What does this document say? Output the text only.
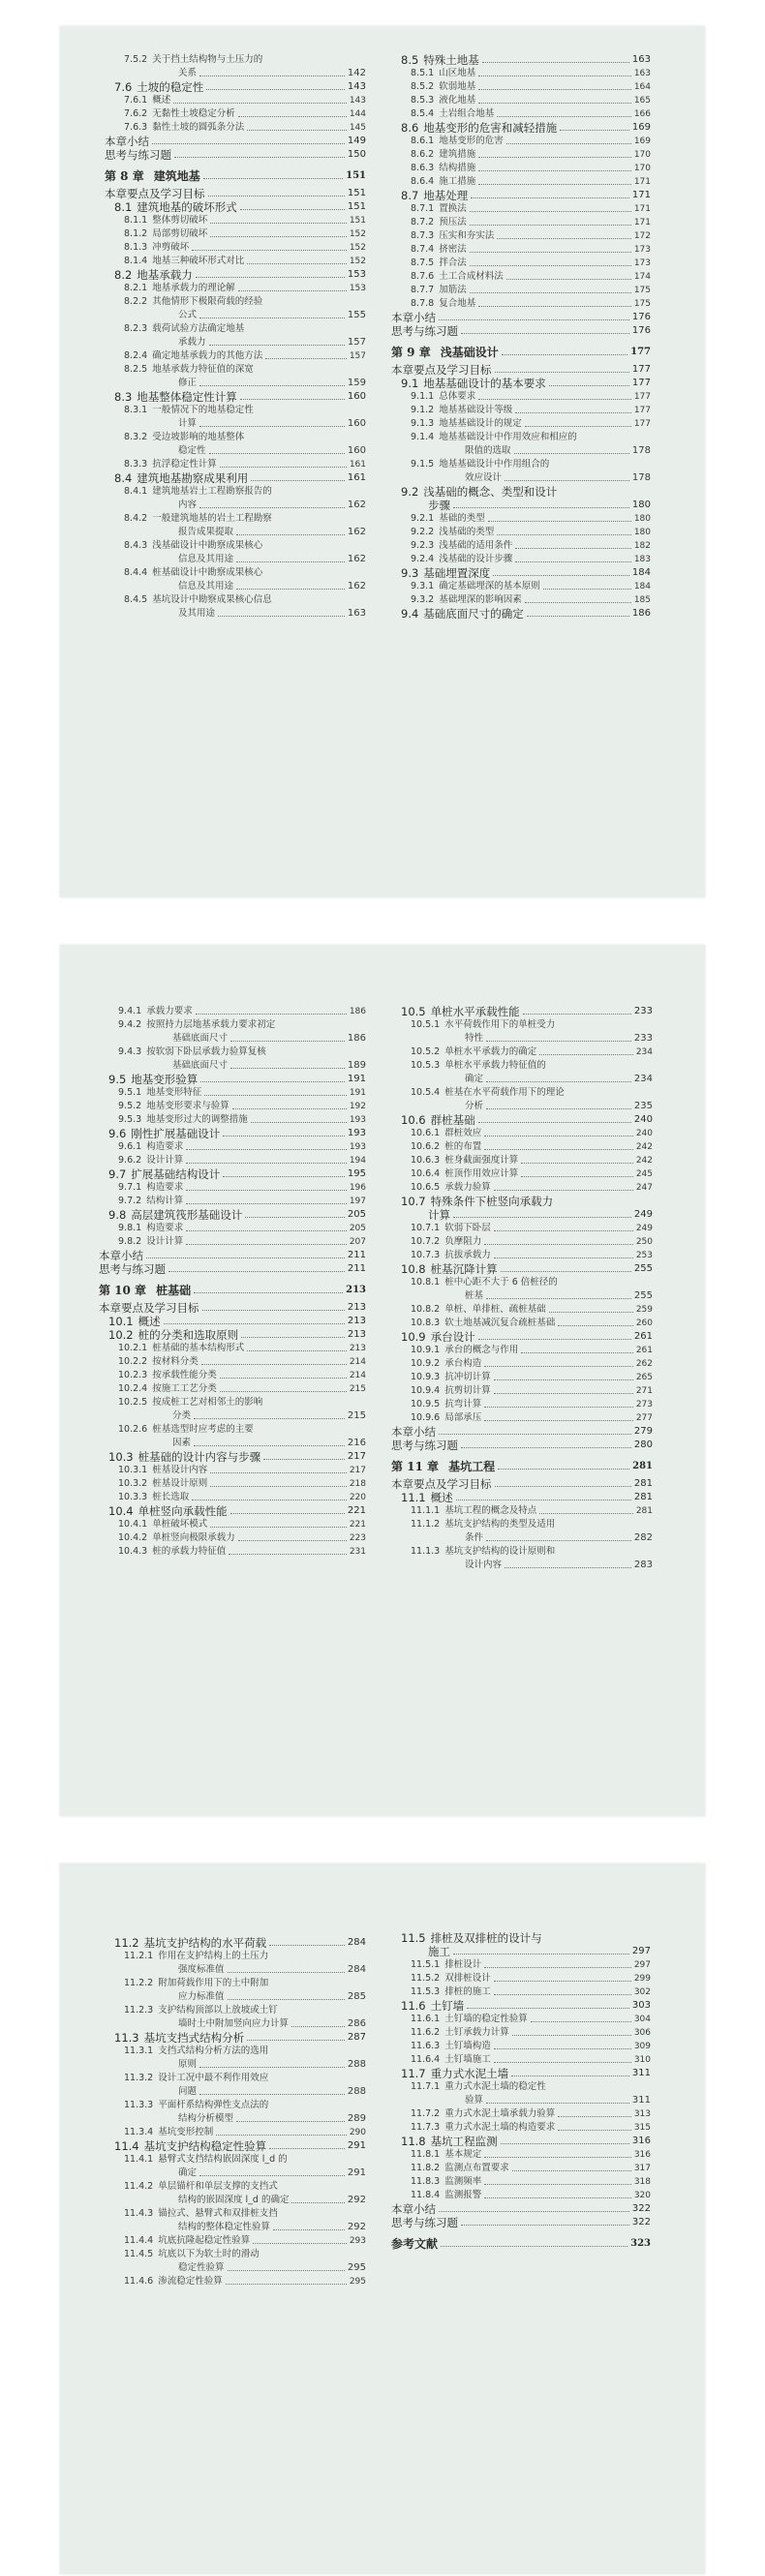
7.5.2 关于挡土结构物与土压力的
关系	142
7.6 土坡的稳定性	143
7.6.1 概述	143
7.6.2 无黏性土坡稳定分析	144
7.6.3 黏性土坡的圆弧条分法	145
本章小结	149
思考与练习题	150
第 8 章 建筑地基	151
本章要点及学习目标	151
8.1 建筑地基的破坏形式	151
8.1.1 整体剪切破坏	151
8.1.2 局部剪切破坏	152
8.1.3 冲剪破坏	152
8.1.4 地基三种破坏形式对比	152
8.2 地基承载力	153
8.2.1 地基承载力的理论解	153
8.2.2 其他情形下极限荷载的经验
公式	155
8.2.3 载荷试验方法确定地基
承载力	157
8.2.4 确定地基承载力的其他方法	157
8.2.5 地基承载力特征值的深宽
修正	159
8.3 地基整体稳定性计算	160
8.3.1 一般情况下的地基稳定性
计算	160
8.3.2 受边坡影响的地基整体
稳定性	160
8.3.3 抗浮稳定性计算	161
8.4 建筑地基勘察成果利用	161
8.4.1 建筑地基岩土工程勘察报告的
内容	162
8.4.2 一般建筑地基的岩土工程勘察
报告成果提取	162
8.4.3 浅基础设计中勘察成果核心
信息及其用途	162
8.4.4 桩基础设计中勘察成果核心
信息及其用途	162
8.4.5 基坑设计中勘察成果核心信息
及其用途	163
8.5 特殊土地基	163
8.5.1 山区地基	163
8.5.2 软弱地基	164
8.5.3 液化地基	165
8.5.4 土岩组合地基	166
8.6 地基变形的危害和减轻措施	169
8.6.1 地基变形的危害	169
8.6.2 建筑措施	170
8.6.3 结构措施	170
8.6.4 施工措施	171
8.7 地基处理	171
8.7.1 置换法	171
8.7.2 预压法	171
8.7.3 压实和夯实法	172
8.7.4 挤密法	173
8.7.5 拌合法	173
8.7.6 土工合成材料法	174
8.7.7 加筋法	175
8.7.8 复合地基	175
本章小结	176
思考与练习题	176
第 9 章 浅基础设计	177
本章要点及学习目标	177
9.1 地基基础设计的基本要求	177
9.1.1 总体要求	177
9.1.2 地基基础设计等级	177
9.1.3 地基基础设计的规定	177
9.1.4 地基基础设计中作用效应和相应的
限值的选取	178
9.1.5 地基基础设计中作用组合的
效应设计	178
9.2 浅基础的概念、类型和设计
步骤	180
9.2.1 基础的类型	180
9.2.2 浅基础的类型	180
9.2.3 浅基础的适用条件	182
9.2.4 浅基础的设计步骤	183
9.3 基础埋置深度	184
9.3.1 确定基础埋深的基本原则	184
9.3.2 基础埋深的影响因素	185
9.4 基础底面尺寸的确定	186
9.4.1 承载力要求	186
9.4.2 按照持力层地基承载力要求初定
基础底面尺寸	186
9.4.3 按软弱下卧层承载力验算复核
基础底面尺寸	189
9.5 地基变形验算	191
9.5.1 地基变形特征	191
9.5.2 地基变形要求与验算	192
9.5.3 地基变形过大的调整措施	193
9.6 刚性扩展基础设计	193
9.6.1 构造要求	193
9.6.2 设计计算	194
9.7 扩展基础结构设计	195
9.7.1 构造要求	196
9.7.2 结构计算	197
9.8 高层建筑筏形基础设计	205
9.8.1 构造要求	205
9.8.2 设计计算	207
本章小结	211
思考与练习题	211
第 10 章 桩基础	213
本章要点及学习目标	213
10.1 概述	213
10.2 桩的分类和选取原则	213
10.2.1 桩基础的基本结构形式	213
10.2.2 按材料分类	214
10.2.3 按承载性能分类	214
10.2.4 按施工工艺分类	215
10.2.5 按成桩工艺对相邻土的影响
分类	215
10.2.6 桩基选型时应考虑的主要
因素	216
10.3 桩基础的设计内容与步骤	217
10.3.1 桩基设计内容	217
10.3.2 桩基设计原则	218
10.3.3 桩长选取	220
10.4 单桩竖向承载性能	221
10.4.1 单桩破坏模式	221
10.4.2 单桩竖向极限承载力	223
10.4.3 桩的承载力特征值	231
10.5 单桩水平承载性能	233
10.5.1 水平荷载作用下的单桩受力
特性	233
10.5.2 单桩水平承载力的确定	234
10.5.3 单桩水平承载力特征值的
确定	234
10.5.4 桩基在水平荷载作用下的理论
分析	235
10.6 群桩基础	240
10.6.1 群桩效应	240
10.6.2 桩的布置	242
10.6.3 桩身截面强度计算	242
10.6.4 桩顶作用效应计算	245
10.6.5 承载力验算	247
10.7 特殊条件下桩竖向承载力
计算	249
10.7.1 软弱下卧层	249
10.7.2 负摩阻力	250
10.7.3 抗拔承载力	253
10.8 桩基沉降计算	255
10.8.1 桩中心距不大于 6 倍桩径的
桩基	255
10.8.2 单桩、单排桩、疏桩基础	259
10.8.3 软土地基减沉复合疏桩基础	260
10.9 承台设计	261
10.9.1 承台的概念与作用	261
10.9.2 承台构造	262
10.9.3 抗冲切计算	265
10.9.4 抗剪切计算	271
10.9.5 抗弯计算	273
10.9.6 局部承压	277
本章小结	279
思考与练习题	280
第 11 章 基坑工程	281
本章要点及学习目标	281
11.1 概述	281
11.1.1 基坑工程的概念及特点	281
11.1.2 基坑支护结构的类型及适用
条件	282
11.1.3 基坑支护结构的设计原则和
设计内容	283
11.2 基坑支护结构的水平荷载	284
11.2.1 作用在支护结构上的土压力
强度标准值	284
11.2.2 附加荷载作用下的土中附加
应力标准值	285
11.2.3 支护结构顶部以上放坡或土钉
墙时土中附加竖向应力计算	286
11.3 基坑支挡式结构分析	287
11.3.1 支挡式结构分析方法的选用
原则	288
11.3.2 设计工况中最不利作用效应
问题	288
11.3.3 平面杆系结构弹性支点法的
结构分析模型	289
11.3.4 基坑变形控制	290
11.4 基坑支护结构稳定性验算	291
11.4.1 悬臂式支挡结构嵌固深度 l_d 的
确定	291
11.4.2 单层锚杆和单层支撑的支挡式
结构的嵌固深度 l_d 的确定	292
11.4.3 锚拉式、悬臂式和双排桩支挡
结构的整体稳定性验算	292
11.4.4 坑底抗隆起稳定性验算	293
11.4.5 坑底以下为软土时的滑动
稳定性验算	295
11.4.6 渗流稳定性验算	295
11.5 排桩及双排桩的设计与
施工	297
11.5.1 排桩设计	297
11.5.2 双排桩设计	299
11.5.3 排桩的施工	302
11.6 土钉墙	303
11.6.1 土钉墙的稳定性验算	304
11.6.2 土钉承载力计算	306
11.6.3 土钉墙构造	309
11.6.4 土钉墙施工	310
11.7 重力式水泥土墙	311
11.7.1 重力式水泥土墙的稳定性
验算	311
11.7.2 重力式水泥土墙承载力验算	313
11.7.3 重力式水泥土墙的构造要求	315
11.8 基坑工程监测	316
11.8.1 基本规定	316
11.8.2 监测点布置要求	317
11.8.3 监测频率	318
11.8.4 监测报警	320
本章小结	322
思考与练习题	322
参考文献	323
